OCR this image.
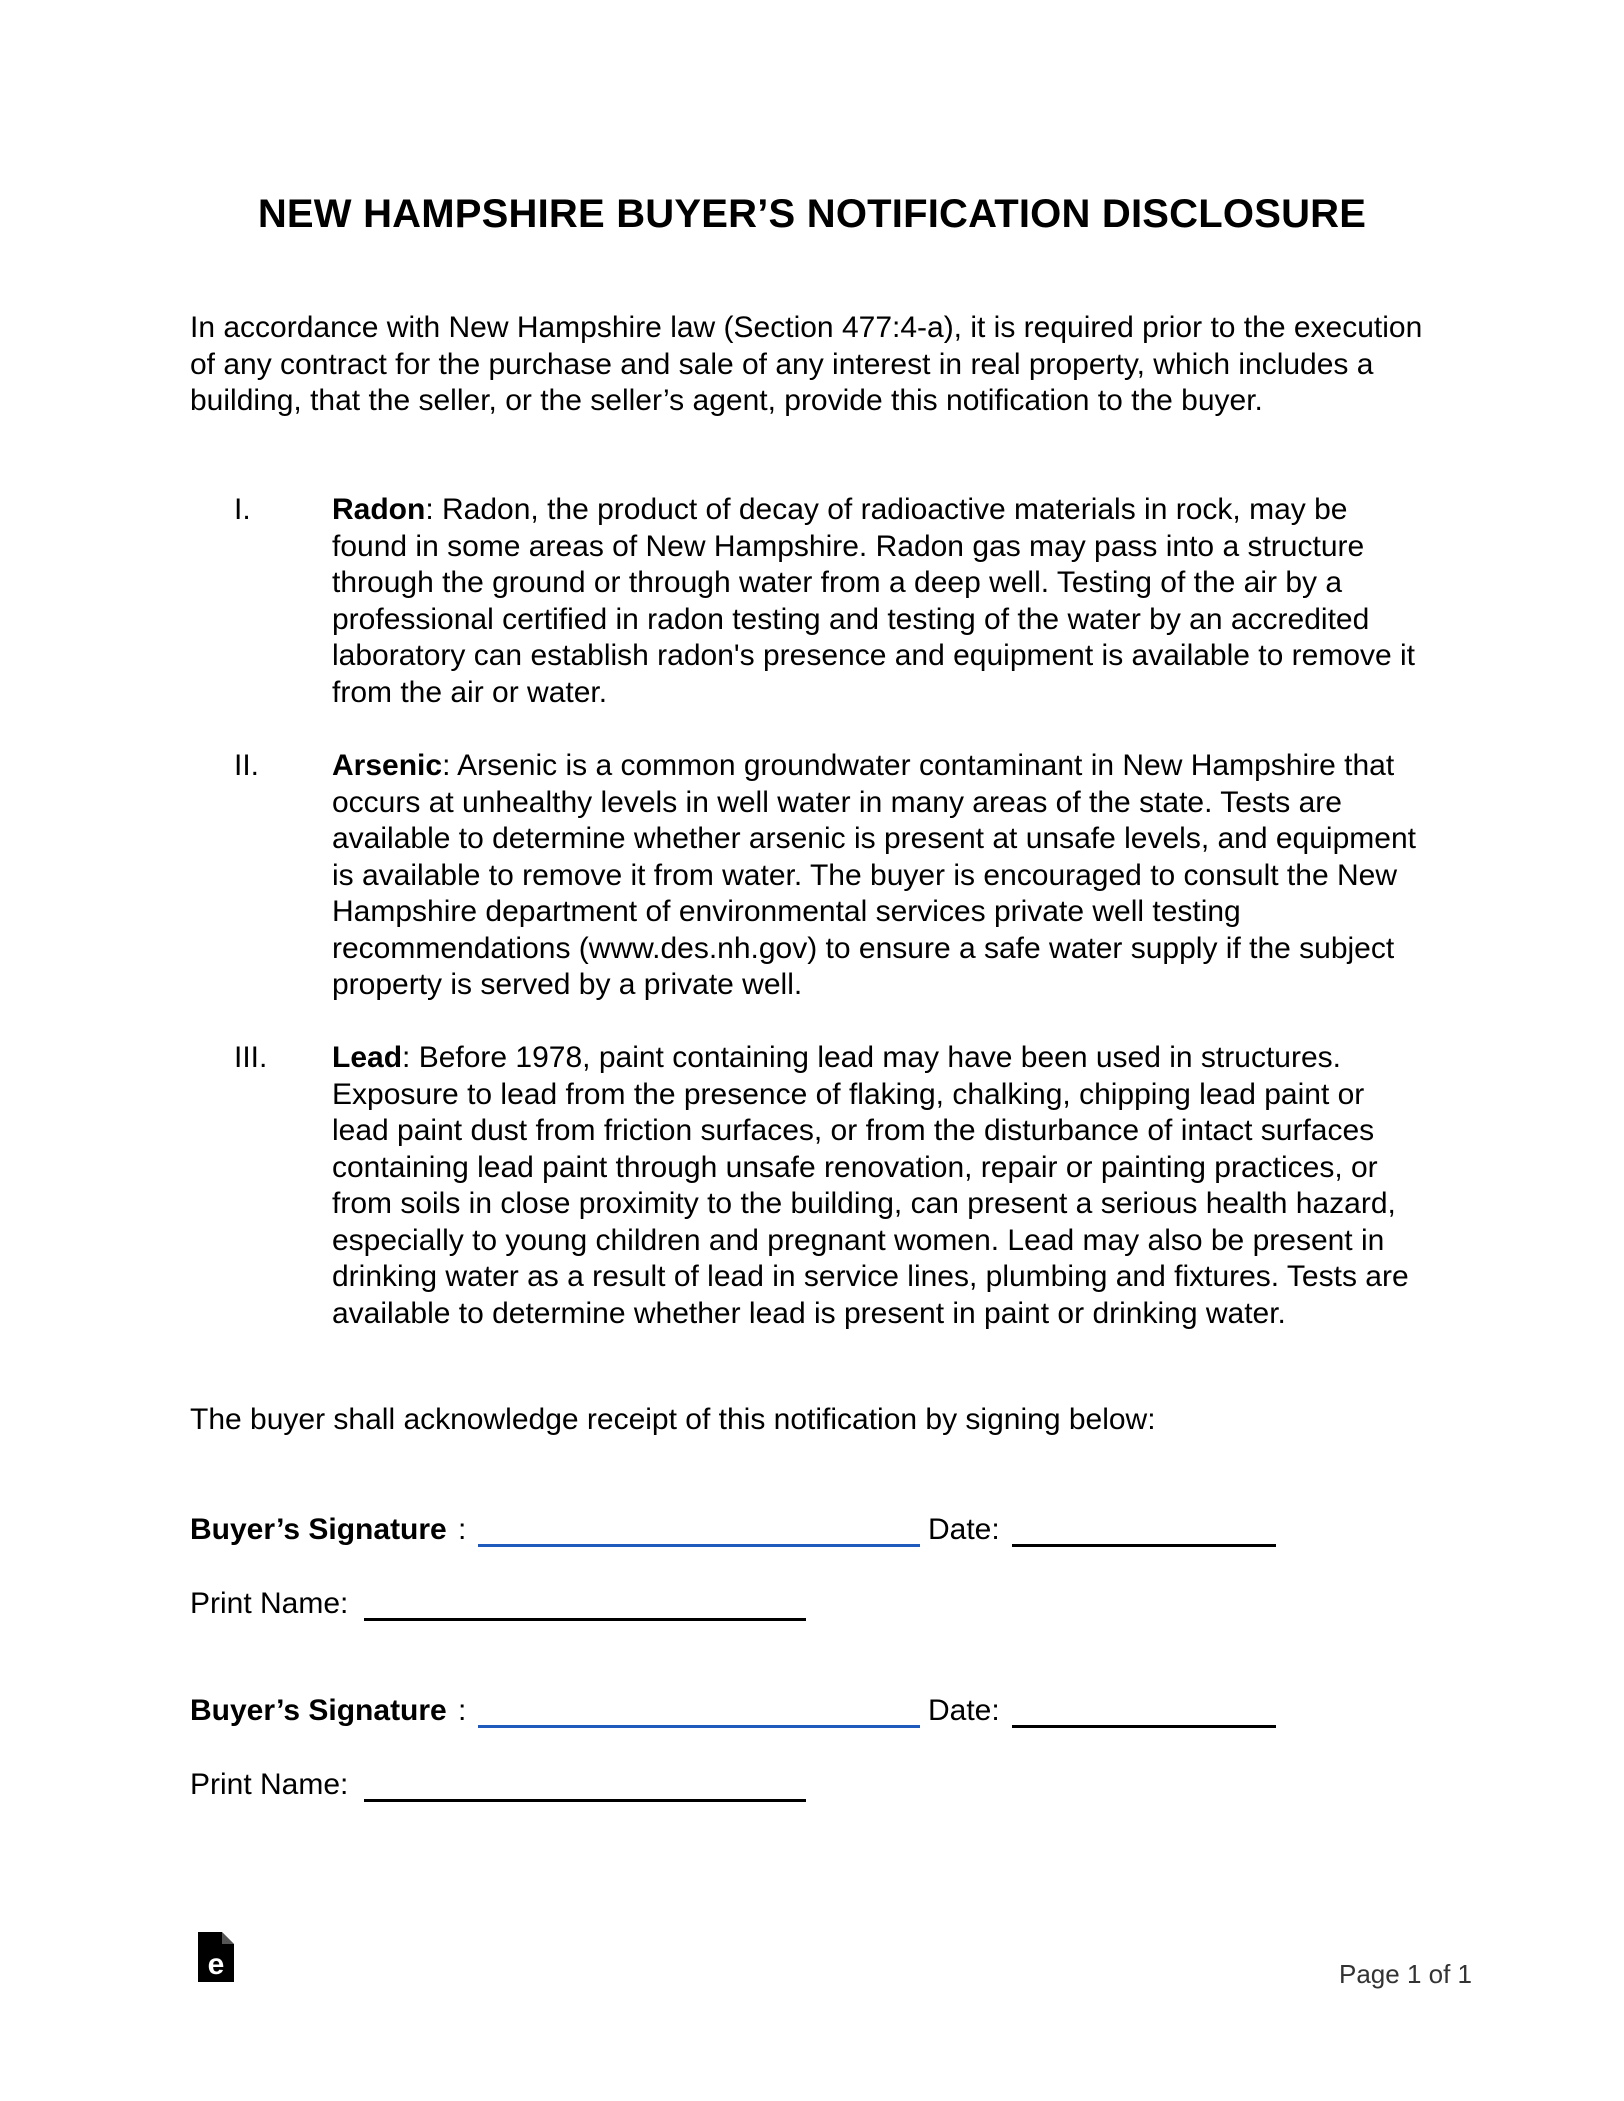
NEW HAMPSHIRE BUYER’S NOTIFICATION DISCLOSURE
In accordance with New Hampshire law (Section 477:4-a), it is required prior to the execution of any contract for the purchase and sale of any interest in real property, which includes a building, that the seller, or the seller’s agent, provide this notification to the buyer.
I.	Radon: Radon, the product of decay of radioactive materials in rock, may be found in some areas of New Hampshire. Radon gas may pass into a structure through the ground or through water from a deep well. Testing of the air by a professional certified in radon testing and testing of the water by an accredited laboratory can establish radon's presence and equipment is available to remove it from the air or water.
II. Arsenic: Arsenic is a common groundwater contaminant in New Hampshire that occurs at unhealthy levels in well water in many areas of the state. Tests are available to determine whether arsenic is present at unsafe levels, and equipment is available to remove it from water. The buyer is encouraged to consult the New Hampshire department of environmental services private well testing recommendations (www.des.nh.gov) to ensure a safe water supply if the subject property is served by a private well.
III. Lead: Before 1978, paint containing lead may have been used in structures. Exposure to lead from the presence of flaking, chalking, chipping lead paint or lead paint dust from friction surfaces, or from the disturbance of intact surfaces containing lead paint through unsafe renovation, repair or painting practices, or from soils in close proximity to the building, can present a serious health hazard, especially to young children and pregnant women. Lead may also be present in drinking water as a result of lead in service lines, plumbing and fixtures. Tests are available to determine whether lead is present in paint or drinking water.
The buyer shall acknowledge receipt of this notification by signing below:
Buyer’s Signature :	Date:
Print Name:
Buyer’s Signature :	Date:
Print Name:
e	Page 1 of 1
